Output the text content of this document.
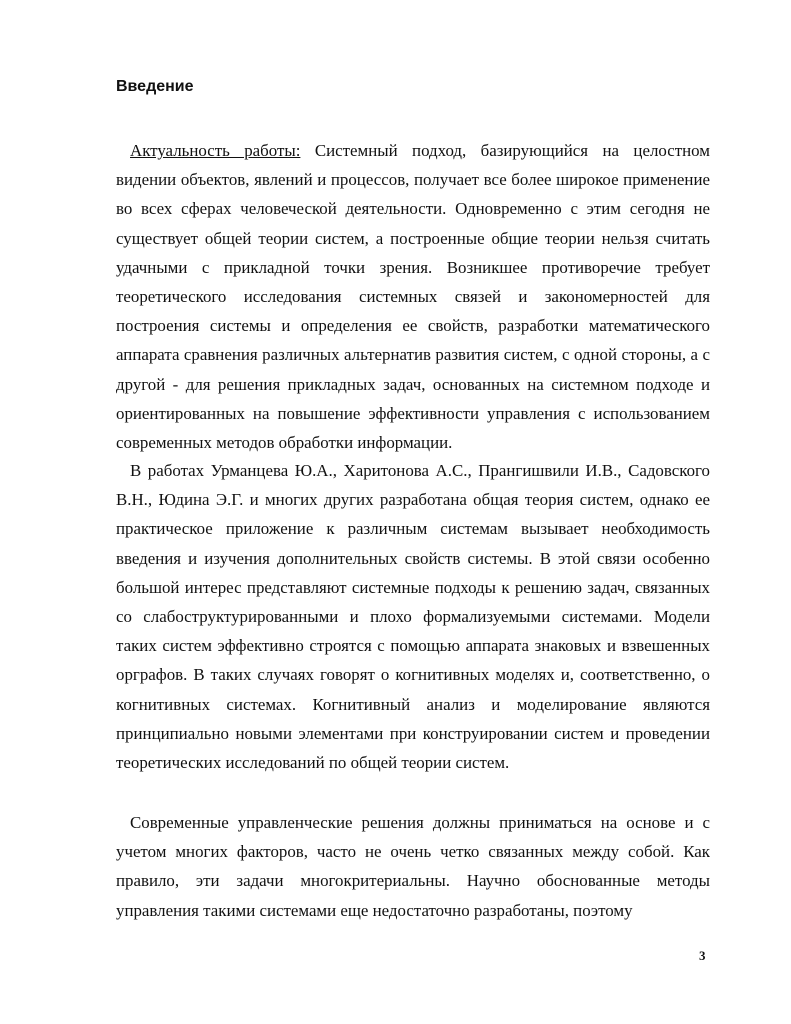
Введение

Актуальность работы: Системный подход, базирующийся на целостном видении объектов, явлений и процессов, получает все более широкое применение во всех сферах человеческой деятельности. Одновременно с этим сегодня не существует общей теории систем, а построенные общие теории нельзя считать удачными с прикладной точки зрения. Возникшее противоречие требует теоретического исследования системных связей и закономерностей для построения системы и определения ее свойств, разработки математического аппарата сравнения различных альтернатив развития систем, с одной стороны, а с другой - для решения прикладных задач, основанных на системном подходе и ориентированных на повышение эффективности управления с использованием современных методов обработки информации.

В работах Урманцева Ю.А., Харитонова А.С., Прангишвили И.В., Садовского В.Н., Юдина Э.Г. и многих других разработана общая теория систем, однако ее практическое приложение к различным системам вызывает необходимость введения и изучения дополнительных свойств системы. В этой связи особенно большой интерес представляют системные подходы к решению задач, связанных со слабоструктурированными и плохо формализуемыми системами. Модели таких систем эффективно строятся с помощью аппарата знаковых и взвешенных орграфов. В таких случаях говорят о когнитивных моделях и, соответственно, о когнитивных системах. Когнитивный анализ и моделирование являются принципиально новыми элементами при конструировании систем и проведении теоретических исследований по общей теории систем.

Современные управленческие решения должны приниматься на основе и с учетом многих факторов, часто не очень четко связанных между собой. Как правило, эти задачи многокритериальны. Научно обоснованные методы управления такими системами еще недостаточно разработаны, поэтому

3
